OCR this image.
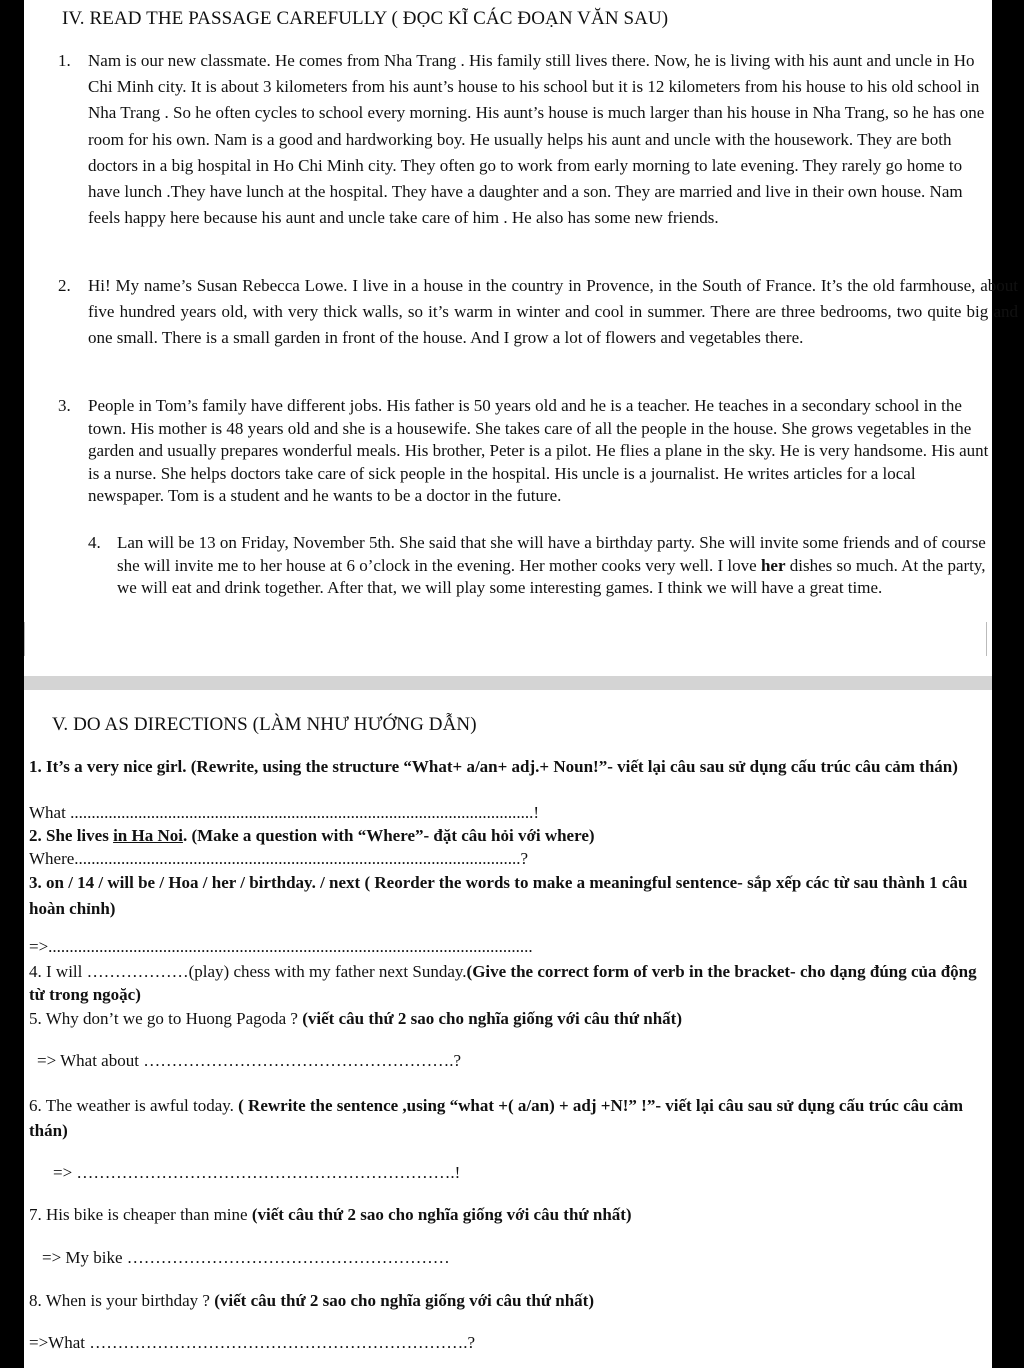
IV. READ THE PASSAGE CAREFULLY ( ĐỌC KĨ CÁC ĐOẠN VĂN SAU)
1. Nam is our new classmate. He comes from Nha Trang . His family still lives there. Now, he is living with his aunt and uncle in Ho Chi Minh city. It is about 3 kilometers from his aunt’s house to his school but it is 12 kilometers from his house to his old school in Nha Trang . So he often cycles to school every morning. His aunt’s house is much larger than his house in Nha Trang, so he has one room for his own. Nam is a good and hardworking boy. He usually helps his aunt and uncle with the housework. They are both doctors in a big hospital in Ho Chi Minh city. They often go to work from early morning to late evening. They rarely go home to have lunch .They have lunch at the hospital. They have a daughter and a son. They are married and live in their own house. Nam feels happy here because his aunt and uncle take care of him . He also has some new friends.
2. Hi! My name’s Susan Rebecca Lowe. I live in a house in the country in Provence, in the South of France. It’s the old farmhouse, about five hundred years old, with very thick walls, so it’s warm in winter and cool in summer. There are three bedrooms, two quite big and one small. There is a small garden in front of the house. And I grow a lot of flowers and vegetables there.
3. People in Tom’s family have different jobs. His father is 50 years old and he is a teacher. He teaches in a secondary school in the town. His mother is 48 years old and she is a housewife. She takes care of all the people in the house. She grows vegetables in the garden and usually prepares wonderful meals. His brother, Peter is a pilot. He flies a plane in the sky. He is very handsome. His aunt is a nurse. She helps doctors take care of sick people in the hospital. His uncle is a journalist. He writes articles for a local newspaper. Tom is a student and he wants to be a doctor in the future.
4. Lan will be 13 on Friday, November 5th. She said that she will have a birthday party. She will invite some friends and of course she will invite me to her house at 6 o’clock in the evening. Her mother cooks very well. I love her dishes so much. At the party, we will eat and drink together. After that, we will play some interesting games. I think we will have a great time.
V. DO AS DIRECTIONS (LÀM NHƯ HƯỚNG DẪN)
1. It’s a very nice girl. (Rewrite, using the structure “What+ a/an+ adj.+ Noun!”- viết lại câu sau sử dụng cấu trúc câu cảm thán)
What .............................................................................................................!
2. She lives in Ha Noi. (Make a question with “Where”- đặt câu hỏi với where)
Where.........................................................................................................?
3. on / 14 / will be / Hoa / her / birthday. / next ( Reorder the words to make a meaningful sentence- sắp xếp các từ sau thành 1 câu hoàn chỉnh)
=>..................................................................................................................
4. I will ………………(play) chess with my father next Sunday.(Give the correct form of verb in the bracket- cho dạng đúng của động từ trong ngoặc)
5. Why don’t we go to Huong Pagoda ? (viết câu thứ 2 sao cho nghĩa giống với câu thứ nhất)
=> What about ……………………………………………….?
6. The weather is awful today. ( Rewrite the sentence ,using “what +( a/an) + adj +N!” !”- viết lại câu sau sử dụng cấu trúc câu cảm thán)
=> ………………………………………………………….!
7. His bike is cheaper than mine (viết câu thứ 2 sao cho nghĩa giống với câu thứ nhất)
=> My bike …………………………………………………
8. When is your birthday ? (viết câu thứ 2 sao cho nghĩa giống với câu thứ nhất)
=>What ………………………………………………………….?
